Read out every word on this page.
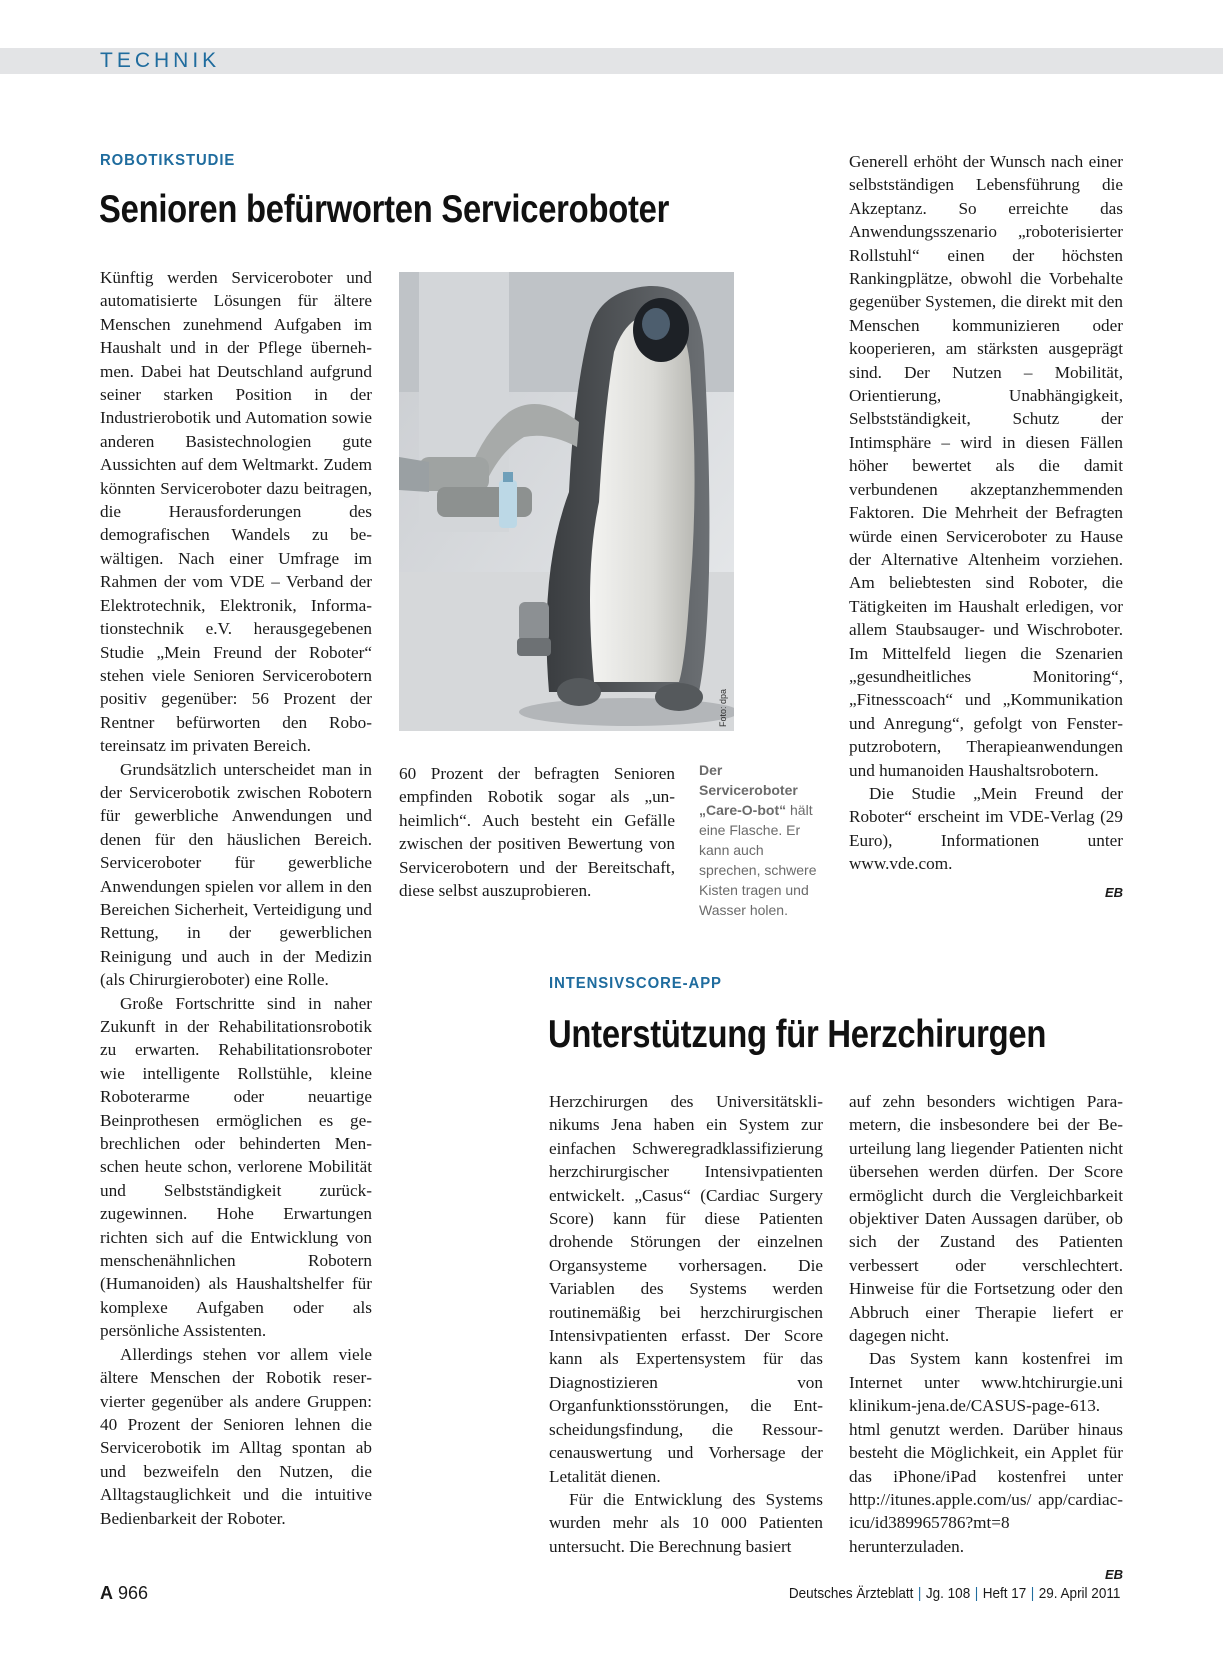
TECHNIK
ROBOTIKSTUDIE
Senioren befürworten Serviceroboter

Künftig werden Serviceroboter und automatisierte Lösungen für ältere Menschen zunehmend Aufgaben im Haushalt und in der Pflege übernehmen. Dabei hat Deutschland aufgrund seiner starken Position in der Industrierobotik und Automation sowie anderen Basistechnologien gute Aussichten auf dem Weltmarkt. Zudem könnten Serviceroboter dazu beitragen, die Herausforderungen des demografischen Wandels zu bewältigen. Nach einer Umfrage im Rahmen der vom VDE – Verband der Elektrotechnik, Elektronik, Informationstechnik e.V. herausgegebenen Studie „Mein Freund der Roboter“ stehen viele Senioren Servicerobotern positiv gegenüber: 56 Prozent der Rentner befürworten den Robotereinsatz im privaten Bereich.

Grundsätzlich unterscheidet man in der Servicerobotik zwischen Robotern für gewerbliche Anwendungen und denen für den häuslichen Bereich. Serviceroboter für gewerbliche Anwendungen spielen vor allem in den Bereichen Sicherheit, Verteidigung und Rettung, in der gewerblichen Reinigung und auch in der Medizin (als Chirurgieroboter) eine Rolle.

Große Fortschritte sind in naher Zukunft in der Rehabilitationsrobotik zu erwarten. Rehabilitationsroboter wie intelligente Rollstühle, kleine Roboterarme oder neuartige Beinprothesen ermöglichen es gebrechlichen oder behinderten Menschen heute schon, verlorene Mobilität und Selbstständigkeit zurückzugewinnen. Hohe Erwartungen richten sich auf die Entwicklung von menschenähnlichen Robotern (Humanoiden) als Haushaltshelfer für komplexe Aufgaben oder als persönliche Assistenten.

Allerdings stehen vor allem viele ältere Menschen der Robotik reservierter gegenüber als andere Gruppen: 40 Prozent der Senioren lehnen die Servicerobotik im Alltag spontan ab und bezweifeln den Nutzen, die Alltagstauglichkeit und die intuitive Bedienbarkeit der Roboter.

Foto: dpa

60 Prozent der befragten Senioren empfinden Robotik sogar als „unheimlich“. Auch besteht ein Gefälle zwischen der positiven Bewertung von Servicerobotern und der Bereitschaft, diese selbst auszuprobieren.

Der Serviceroboter „Care-O-bot“ hält eine Flasche. Er kann auch sprechen, schwere Kisten tragen und Wasser holen.

Generell erhöht der Wunsch nach einer selbstständigen Lebensführung die Akzeptanz. So erreichte das Anwendungsszenario „roboterisierter Rollstuhl“ einen der höchsten Rankingplätze, obwohl die Vorbehalte gegenüber Systemen, die direkt mit den Menschen kommunizieren oder kooperieren, am stärksten ausgeprägt sind. Der Nutzen – Mobilität, Orientierung, Unabhängigkeit, Selbstständigkeit, Schutz der Intimsphäre – wird in diesen Fällen höher bewertet als die damit verbundenen akzeptanzhemmenden Faktoren. Die Mehrheit der Befragten würde einen Serviceroboter zu Hause der Alternative Altenheim vorziehen. Am beliebtesten sind Roboter, die Tätigkeiten im Haushalt erledigen, vor allem Staubsauger- und Wischroboter. Im Mittelfeld liegen die Szenarien „gesundheitliches Monitoring“, „Fitnesscoach“ und „Kommunikation und Anregung“, gefolgt von Fensterputzrobotern, Therapieanwendungen und humanoiden Haushaltsrobotern.

Die Studie „Mein Freund der Roboter“ erscheint im VDE-Verlag (29 Euro), Informationen unter www.vde.com.

EB
INTENSIVSCORE-APP
Unterstützung für Herzchirurgen

Herzchirurgen des Universitätsklinikums Jena haben ein System zur einfachen Schweregradklassifizierung herzchirurgischer Intensivpatienten entwickelt. „Casus“ (Cardiac Surgery Score) kann für diese Patienten drohende Störungen der einzelnen Organsysteme vorhersagen. Die Variablen des Systems werden routinemäßig bei herzchirurgischen Intensivpatienten erfasst. Der Score kann als Expertensystem für das Diagnostizieren von Organfunktionsstörungen, die Entscheidungsfindung, die Ressourcenauswertung und Vorhersage der Letalität dienen.

Für die Entwicklung des Systems wurden mehr als 10 000 Patienten untersucht. Die Berechnung basiert

auf zehn besonders wichtigen Parametern, die insbesondere bei der Beurteilung lang liegender Patienten nicht übersehen werden dürfen. Der Score ermöglicht durch die Vergleichbarkeit objektiver Daten Aussagen darüber, ob sich der Zustand des Patienten verbessert oder verschlechtert. Hinweise für die Fortsetzung oder den Abbruch einer Therapie liefert er dagegen nicht.

Das System kann kostenfrei im Internet unter www.htchirurgie.uni klinikum-jena.de/CASUS-page-613. html genutzt werden. Darüber hinaus besteht die Möglichkeit, ein Applet für das iPhone/iPad kostenfrei unter http://itunes.apple.com/us/ app/cardiac-icu/id389965786?mt=8 herunterzuladen.

EB
A 966	Deutsches Ärzteblatt | Jg. 108 | Heft 17 | 29. April 2011
